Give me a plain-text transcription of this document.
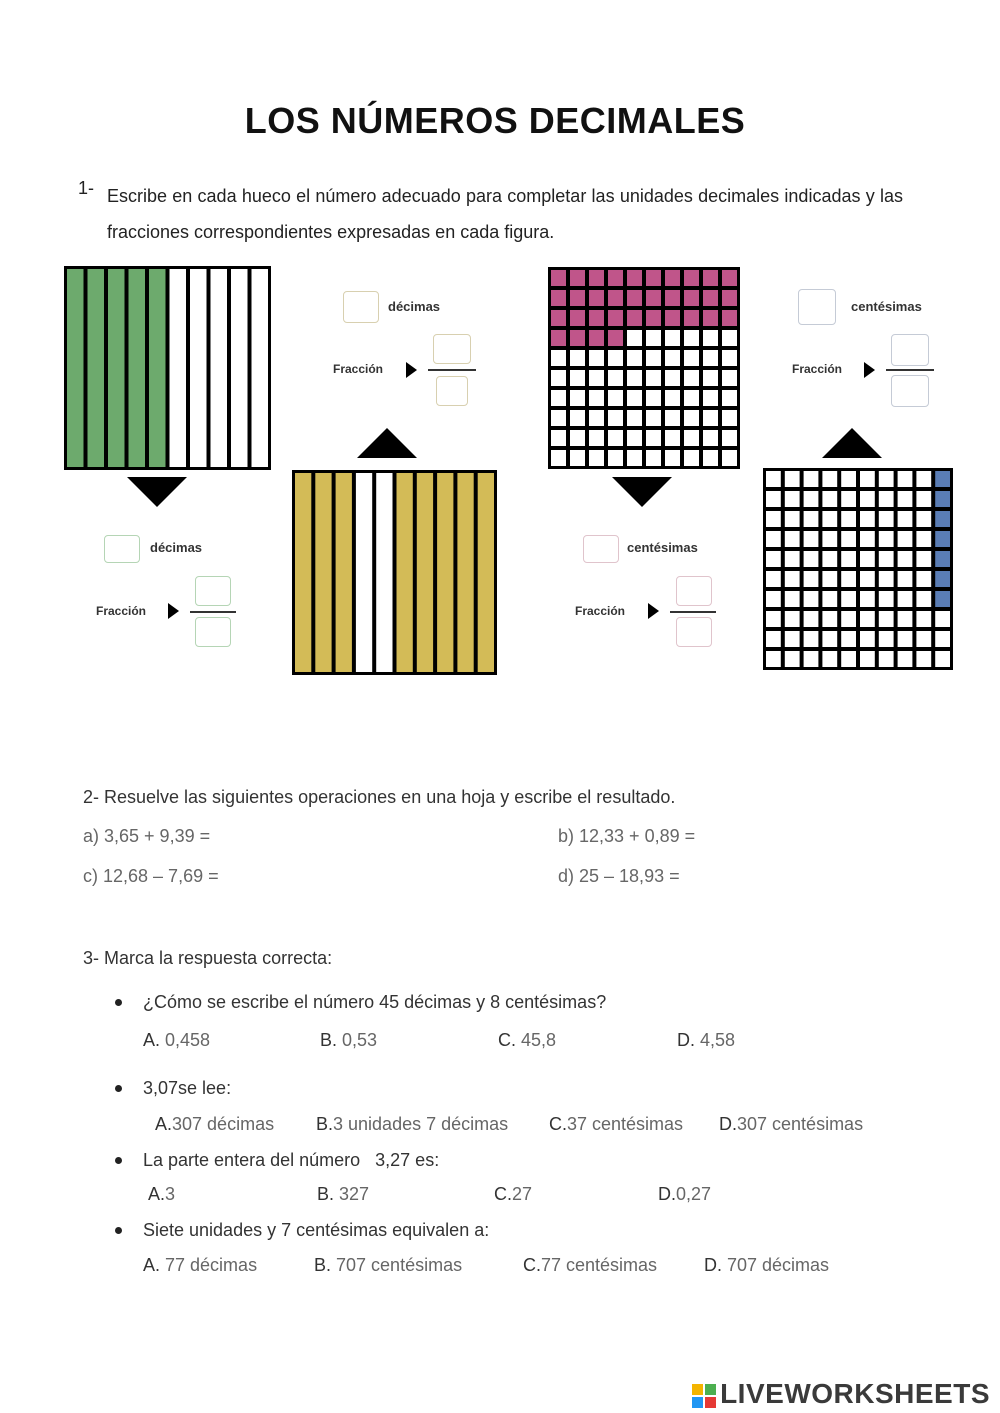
LOS NÚMEROS DECIMALES
1- Escribe en cada hueco el número adecuado para completar las unidades decimales indicadas y las fracciones correspondientes expresadas en cada figura.
décimas
Fracción
décimas
Fracción
centésimas
Fracción
centésimas
Fracción
2- Resuelve las siguientes operaciones en una hoja y escribe el resultado.
a) 3,65 + 9,39 =	b) 12,33 + 0,89 =
c) 12,68 – 7,69 =	d) 25 – 18,93 =
3- Marca la respuesta correcta:
¿Cómo se escribe el número 45 décimas y 8 centésimas?
A. 0,458	B. 0,53	C. 45,8	D. 4,58
3,07se lee:
A.307 décimas B.3 unidades 7 décimas C.37 centésimas D.307 centésimas
La parte entera del número   3,27 es:
A.3	B. 327	C.27	D.0,27
Siete unidades y 7 centésimas equivalen a:
A. 77 décimas	B. 707 centésimas	C.77 centésimas	D. 707 décimas
LIVEWORKSHEETS
